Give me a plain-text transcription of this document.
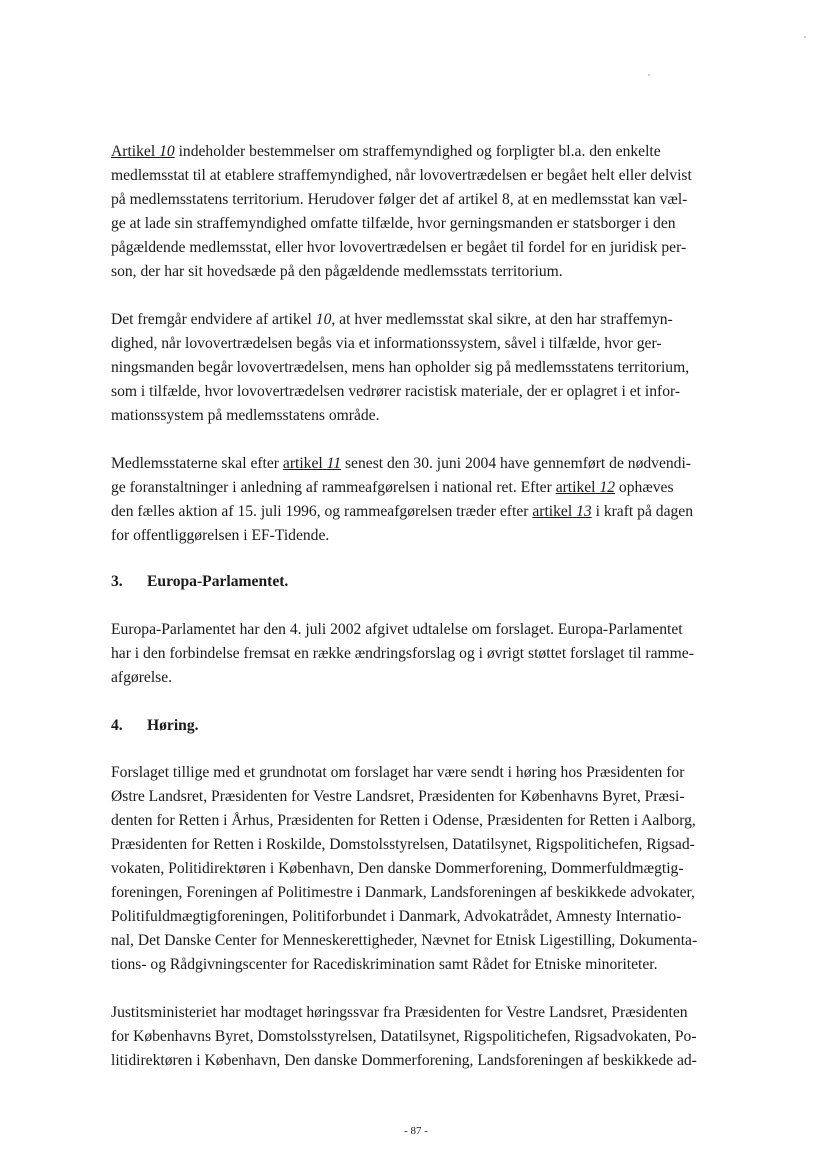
Artikel 10 indeholder bestemmelser om straffemyndighed og forpligter bl.a. den enkelte
medlemsstat til at etablere straffemyndighed, når lovovertrædelsen er begået helt eller delvist
på medlemsstatens territorium. Herudover følger det af artikel 8, at en medlemsstat kan væl-
ge at lade sin straffemyndighed omfatte tilfælde, hvor gerningsmanden er statsborger i den
pågældende medlemsstat, eller hvor lovovertrædelsen er begået til fordel for en juridisk per-
son, der har sit hovedsæde på den pågældende medlemsstats territorium.
Det fremgår endvidere af artikel 10, at hver medlemsstat skal sikre, at den har straffemyn-
dighed, når lovovertrædelsen begås via et informationssystem, såvel i tilfælde, hvor ger-
ningsmanden begår lovovertrædelsen, mens han opholder sig på medlemsstatens territorium,
som i tilfælde, hvor lovovertrædelsen vedrører racistisk materiale, der er oplagret i et infor-
mationssystem på medlemsstatens område.
Medlemsstaterne skal efter artikel 11 senest den 30. juni 2004 have gennemført de nødvendi-
ge foranstaltninger i anledning af rammeafgørelsen i national ret. Efter artikel 12 ophæves
den fælles aktion af 15. juli 1996, og rammeafgørelsen træder efter artikel 13 i kraft på dagen
for offentliggørelsen i EF-Tidende.
3. Europa-Parlamentet.
Europa-Parlamentet har den 4. juli 2002 afgivet udtalelse om forslaget. Europa-Parlamentet
har i den forbindelse fremsat en række ændringsforslag og i øvrigt støttet forslaget til ramme-
afgørelse.
4. Høring.
Forslaget tillige med et grundnotat om forslaget har være sendt i høring hos Præsidenten for
Østre Landsret, Præsidenten for Vestre Landsret, Præsidenten for Københavns Byret, Præsi-
denten for Retten i Århus, Præsidenten for Retten i Odense, Præsidenten for Retten i Aalborg,
Præsidenten for Retten i Roskilde, Domstolsstyrelsen, Datatilsynet, Rigspolitichefen, Rigsad-
vokaten, Politidirektøren i København, Den danske Dommerforening, Dommerfuldmægtig-
foreningen, Foreningen af Politimestre i Danmark, Landsforeningen af beskikkede advokater,
Politifuldmægtigforeningen, Politiforbundet i Danmark, Advokatrådet, Amnesty Internatio-
nal, Det Danske Center for Menneskerettigheder, Nævnet for Etnisk Ligestilling, Dokumenta-
tions- og Rådgivningscenter for Racediskrimination samt Rådet for Etniske minoriteter.
Justitsministeriet har modtaget høringssvar fra Præsidenten for Vestre Landsret, Præsidenten
for Københavns Byret, Domstolsstyrelsen, Datatilsynet, Rigspolitichefen, Rigsadvokaten, Po-
litidirektøren i København, Den danske Dommerforening, Landsforeningen af beskikkede ad-
- 87 -
